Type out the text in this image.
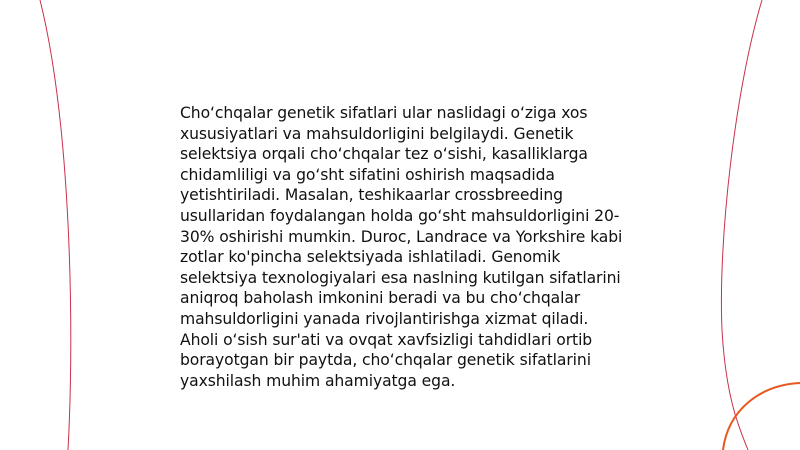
Cho‘chqalar genetik sifatlari ular naslidagi o‘ziga xos xususiyatlari va mahsuldorligini belgilaydi. Genetik selektsiya orqali cho‘chqalar tez o‘sishi, kasalliklarga chidamliligi va go‘sht sifatini oshirish maqsadida yetishtiriladi. Masalan, teshikaarlar crossbreeding usullaridan foydalangan holda go‘sht mahsuldorligini 20-30% oshirishi mumkin. Duroc, Landrace va Yorkshire kabi zotlar ko'pincha selektsiyada ishlatiladi. Genomik selektsiya texnologiyalari esa naslning kutilgan sifatlarini aniqroq baholash imkonini beradi va bu cho‘chqalar mahsuldorligini yanada rivojlantirishga xizmat qiladi. Aholi o‘sish sur'ati va ovqat xavfsizligi tahdidlari ortib borayotgan bir paytda, cho‘chqalar genetik sifatlarini yaxshilash muhim ahamiyatga ega.
